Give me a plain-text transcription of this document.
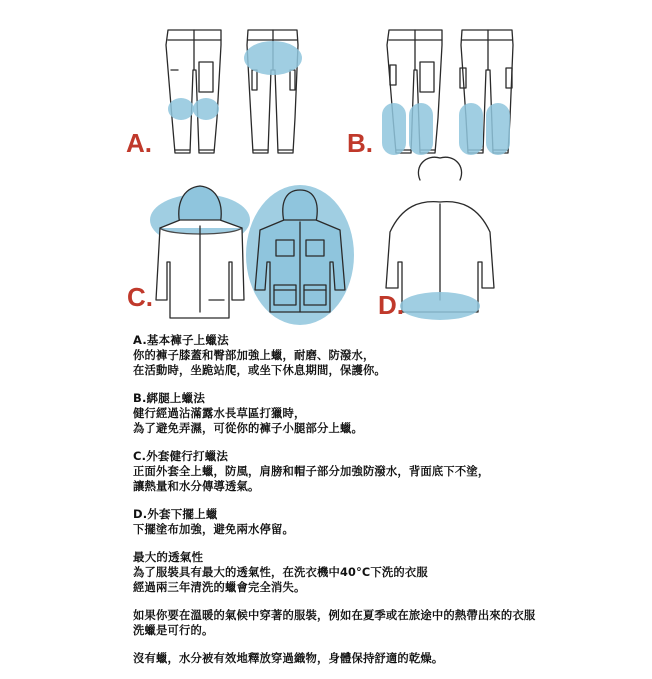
A.	B.
C.	D.

A.基本褲子上蠟法

你的褲子膝蓋和臀部加強上蠟，耐磨、防潑水，

在活動時，坐跪站爬，或坐下休息期間，保護你。

B.綁腿上蠟法

健行經過沾滿露水長草區打獵時，

為了避免弄濕，可從你的褲子小腿部分上蠟。

C.外套健行打蠟法

正面外套全上蠟，防風，肩膀和帽子部分加強防潑水，背面底下不塗，

讓熱量和水分傳導透氣。

D.外套下擺上蠟

下擺塗布加強，避免兩水停留。

最大的透氣性

為了服裝具有最大的透氣性，在洗衣機中40°C下洗的衣服

經過兩三年清洗的蠟會完全消失。

如果你要在溫暖的氣候中穿著的服裝，例如在夏季或在旅途中的熱帶出來的衣服

洗蠟是可行的。

沒有蠟，水分被有效地釋放穿過織物，身體保持舒適的乾燥。
